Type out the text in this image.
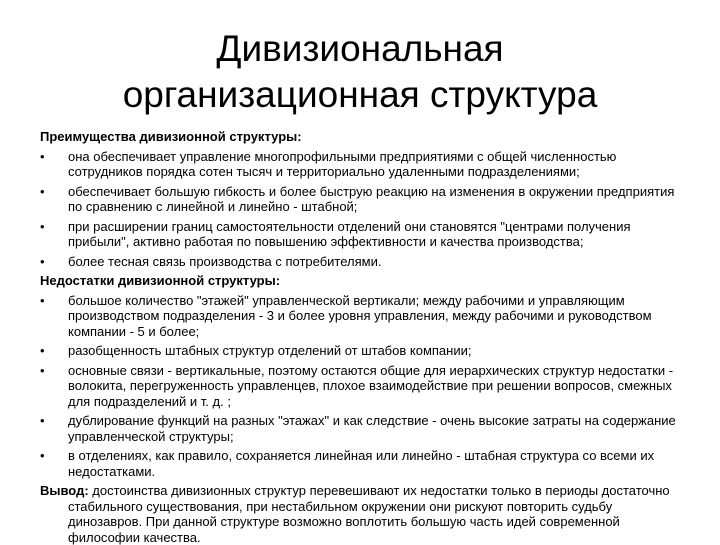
Дивизиональная
организационная структура
Преимущества дивизионной структуры:
• она обеспечивает управление многопрофильными предприятиями с общей численностью сотрудников порядка сотен тысяч и территориально удаленными подразделениями;
• обеспечивает большую гибкость и более быструю реакцию на изменения в окружении предприятия по сравнению с линейной и линейно - штабной;
• при расширении границ самостоятельности отделений они становятся "центрами получения прибыли", активно работая по повышению эффективности и качества производства;
• более тесная связь производства с потребителями.
Недостатки дивизионной структуры:
• большое количество "этажей" управленческой вертикали; между рабочими и управляющим производством подразделения - 3 и более уровня управления, между рабочими и руководством компании - 5 и более;
• разобщенность штабных структур отделений от штабов компании;
• основные связи - вертикальные, поэтому остаются общие для иерархических структур недостатки - волокита, перегруженность управленцев, плохое взаимодействие при решении вопросов, смежных для подразделений и т. д. ;
• дублирование функций на разных "этажах" и как следствие - очень высокие затраты на содержание управленческой структуры;
• в отделениях, как правило, сохраняется линейная или линейно - штабная структура со всеми их недостатками.
Вывод: достоинства дивизионных структур перевешивают их недостатки только в периоды достаточно стабильного существования, при нестабильном окружении они рискуют повторить судьбу динозавров. При данной структуре возможно воплотить большую часть идей современной философии качества.
